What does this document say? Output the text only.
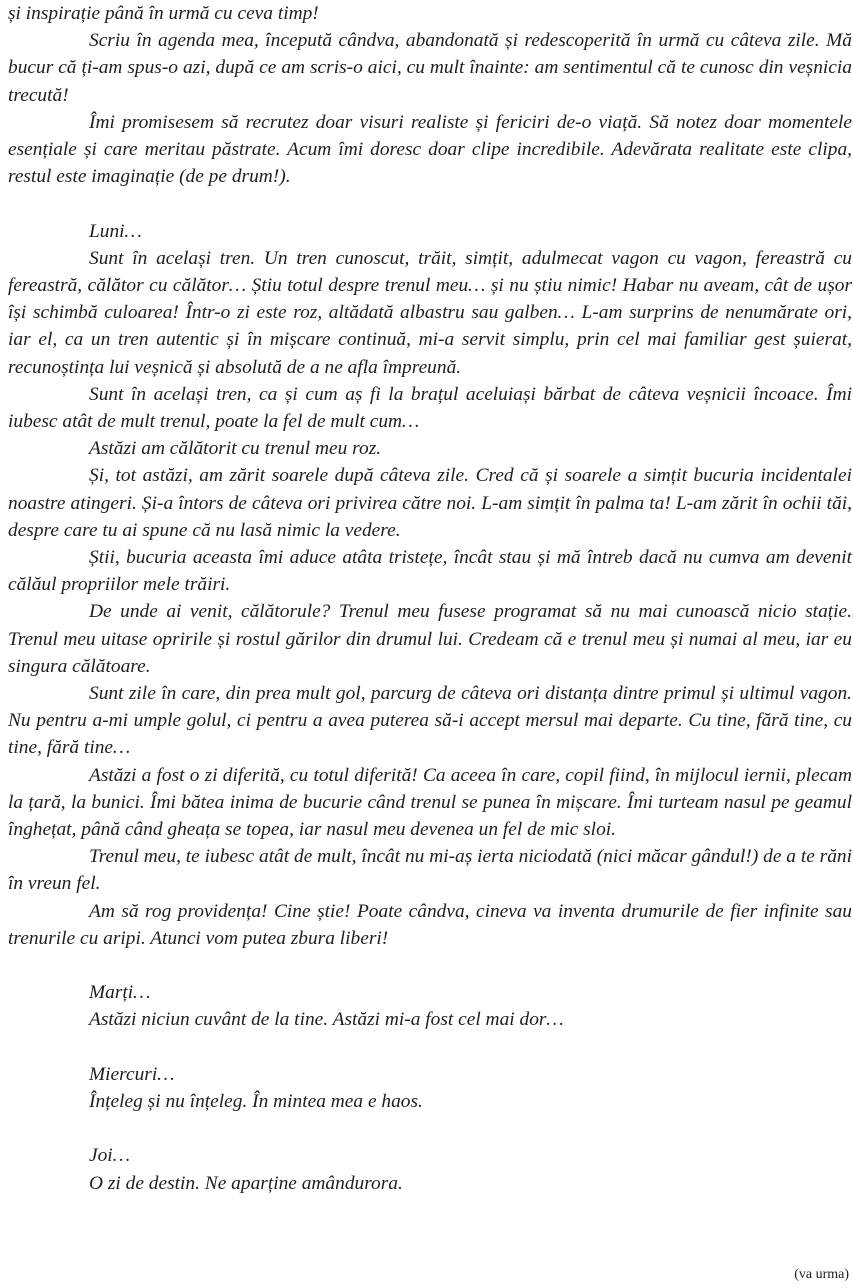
și inspirație până în urmă cu ceva timp!

Scriu în agenda mea, începută cândva, abandonată și redescoperită în urmă cu câteva zile. Mă bucur că ți-am spus-o azi, după ce am scris-o aici, cu mult înainte: am sentimentul că te cunosc din veșnicia trecută!

Îmi promisesem să recrutez doar visuri realiste și fericiri de-o viață. Să notez doar momentele esențiale și care meritau păstrate. Acum îmi doresc doar clipe incredibile. Adevărata realitate este clipa, restul este imaginație (de pe drum!).

Luni…

Sunt în același tren. Un tren cunoscut, trăit, simțit, adulmecat vagon cu vagon, fereastră cu fereastră, călător cu călător… Știu totul despre trenul meu… și nu știu nimic! Habar nu aveam, cât de ușor își schimbă culoarea! Într-o zi este roz, altădată albastru sau galben… L-am surprins de nenumărate ori, iar el, ca un tren autentic și în mișcare continuă, mi-a servit simplu, prin cel mai familiar gest șuierat, recunoștința lui veșnică și absolută de a ne afla împreună.

Sunt în același tren, ca și cum aș fi la brațul aceluiași bărbat de câteva veșnicii încoace. Îmi iubesc atât de mult trenul, poate la fel de mult cum…

Astăzi am călătorit cu trenul meu roz.

Și, tot astăzi, am zărit soarele după câteva zile. Cred că și soarele a simțit bucuria incidentalei noastre atingeri. Și-a întors de câteva ori privirea către noi. L-am simțit în palma ta! L-am zărit în ochii tăi, despre care tu ai spune că nu lasă nimic la vedere.

Știi, bucuria aceasta îmi aduce atâta tristețe, încât stau și mă întreb dacă nu cumva am devenit călăul propriilor mele trăiri.

De unde ai venit, călătorule? Trenul meu fusese programat să nu mai cunoască nicio stație. Trenul meu uitase opririle și rostul gărilor din drumul lui. Credeam că e trenul meu și numai al meu, iar eu singura călătoare.

Sunt zile în care, din prea mult gol, parcurg de câteva ori distanța dintre primul și ultimul vagon. Nu pentru a-mi umple golul, ci pentru a avea puterea să-i accept mersul mai departe. Cu tine, fără tine, cu tine, fără tine…

Astăzi a fost o zi diferită, cu totul diferită! Ca aceea în care, copil fiind, în mijlocul iernii, plecam la țară, la bunici. Îmi bătea inima de bucurie când trenul se punea în mișcare. Îmi turteam nasul pe geamul înghețat, până când gheața se topea, iar nasul meu devenea un fel de mic sloi.

Trenul meu, te iubesc atât de mult, încât nu mi-aș ierta niciodată (nici măcar gândul!) de a te răni în vreun fel.

Am să rog providența! Cine știe! Poate cândva, cineva va inventa drumurile de fier infinite sau trenurile cu aripi. Atunci vom putea zbura liberi!

Marți…

Astăzi niciun cuvânt de la tine. Astăzi mi-a fost cel mai dor…

Miercuri…

Înțeleg și nu înțeleg. În mintea mea e haos.

Joi…

O zi de destin. Ne aparține amândurora.

(va urma)
